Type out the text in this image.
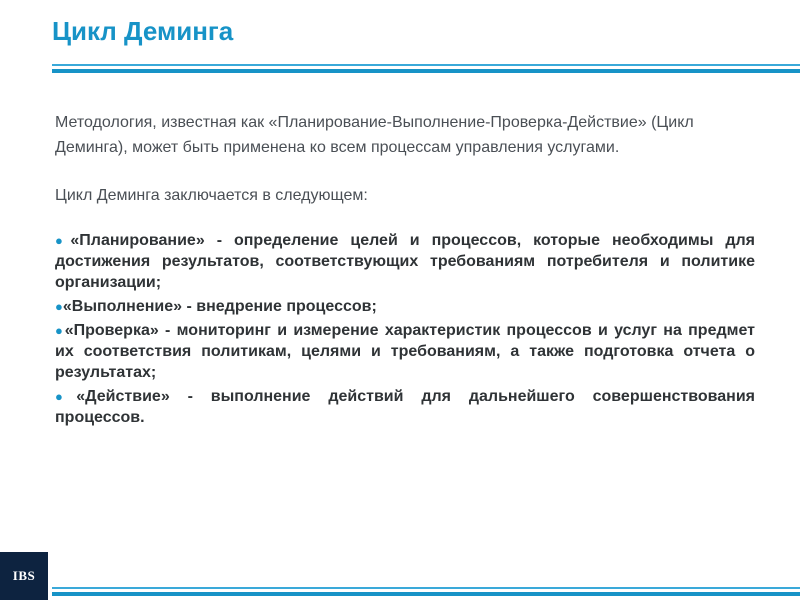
Цикл Деминга

Методология, известная как «Планирование-Выполнение-Проверка-Действие» (Цикл Деминга), может быть применена ко всем процессам управления услугами.

Цикл Деминга заключается в следующем:

●«Планирование» - определение целей и процессов, которые необходимы для достижения результатов, соответствующих требованиям потребителя и политике организации;
●«Выполнение» - внедрение процессов;
●«Проверка» - мониторинг и измерение характеристик процессов и услуг на предмет их соответствия политикам, целями и требованиям, а также подготовка отчета о результатах;
●«Действие» - выполнение действий для дальнейшего совершенствования процессов.
IBS
